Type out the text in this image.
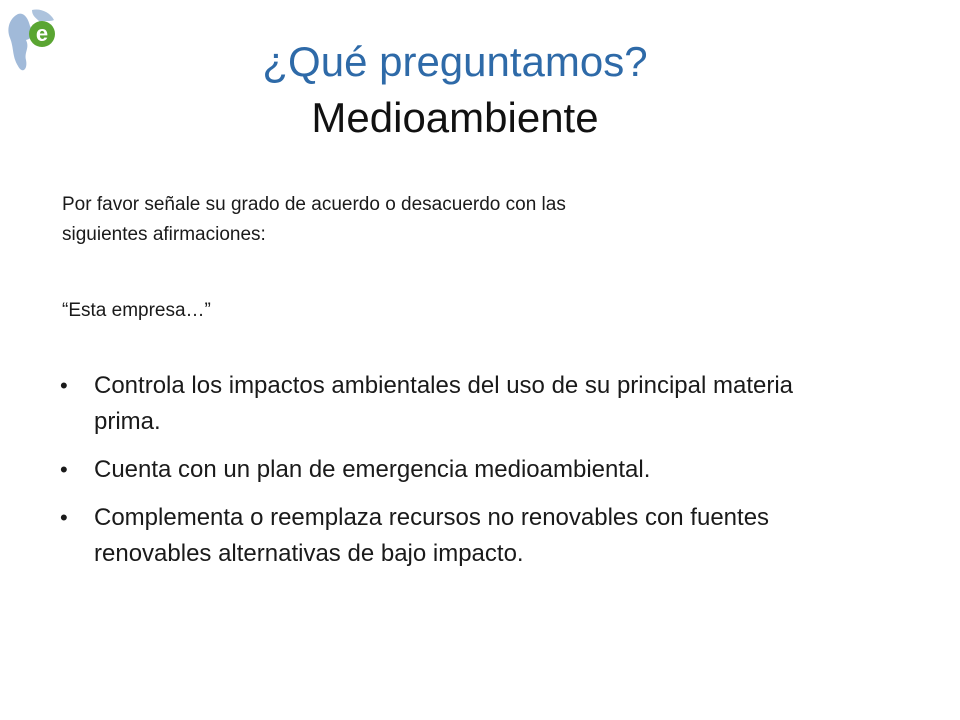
e
¿Qué preguntamos?
Medioambiente

Por favor señale su grado de acuerdo o desacuerdo con las

siguientes afirmaciones:

“Esta empresa…”
• Controla los impactos ambientales del uso de su principal materia prima.
• Cuenta con un plan de emergencia medioambiental.
• Complementa o reemplaza recursos no renovables con fuentes renovables alternativas de bajo impacto.
